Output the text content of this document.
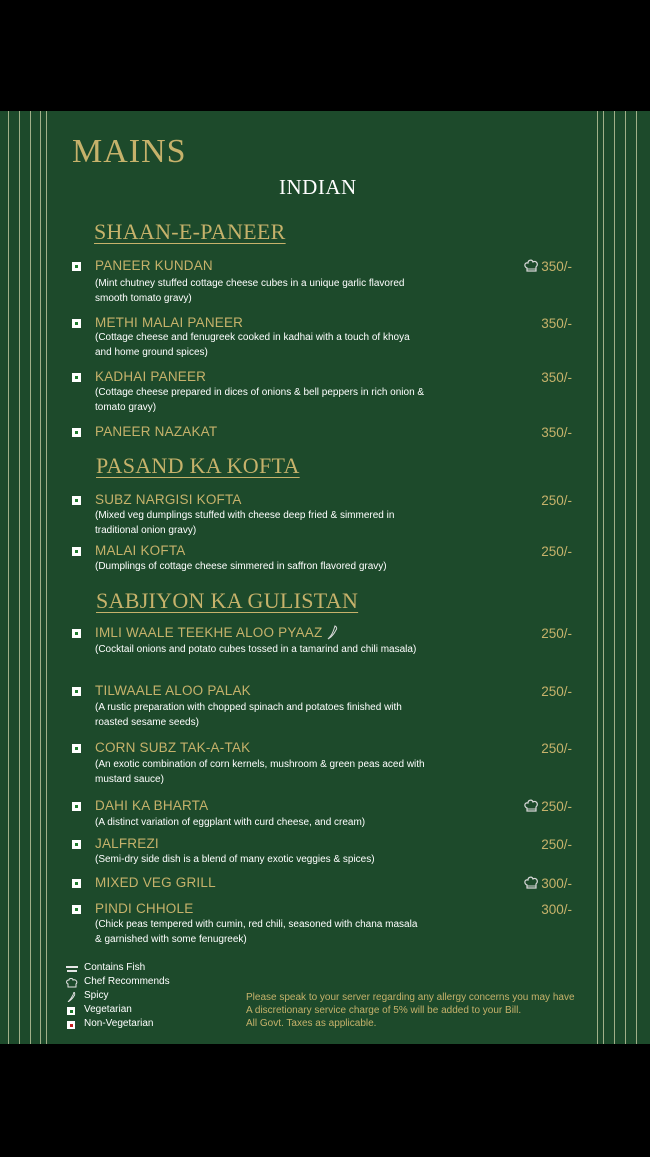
MAINS
INDIAN
SHAAN-E-PANEER
PASAND KA KOFTA
SABJIYON KA GULISTAN
PANEER KUNDAN
(Mint chutney stuffed cottage cheese cubes in a unique garlic flavored smooth tomato gravy)
350/-
METHI MALAI PANEER
(Cottage cheese and fenugreek cooked in kadhai with a touch of khoya and home ground spices)
350/-
KADHAI PANEER
(Cottage cheese prepared in dices of onions & bell peppers in rich onion & tomato gravy)
350/-
PANEER NAZAKAT	350/-
SUBZ NARGISI KOFTA
(Mixed veg dumplings stuffed with cheese deep fried & simmered in traditional onion gravy)
250/-
MALAI KOFTA
(Dumplings of cottage cheese simmered in saffron flavored gravy)
250/-
IMLI WAALE TEEKHE ALOO PYAAZ
(Cocktail onions and potato cubes tossed in a tamarind and chili masala)
250/-
TILWAALE ALOO PALAK
(A rustic preparation with chopped spinach and potatoes finished with roasted sesame seeds)
250/-
CORN SUBZ TAK-A-TAK
(An exotic combination of corn kernels, mushroom & green peas aced with mustard sauce)
250/-
DAHI KA BHARTA
(A distinct variation of eggplant with curd cheese, and cream)
250/-
JALFREZI
(Semi-dry side dish is a blend of many exotic veggies & spices)
250/-
MIXED VEG GRILL	300/-
PINDI CHHOLE
(Chick peas tempered with cumin, red chili, seasoned with chana masala & garnished with some fenugreek)
300/-
Contains Fish
Chef Recommends
Spicy
Vegetarian
Non-Vegetarian
Please speak to your server regarding any allergy concerns you may have
A discretionary service charge of 5% will be added to your Bill.
All Govt. Taxes as applicable.
